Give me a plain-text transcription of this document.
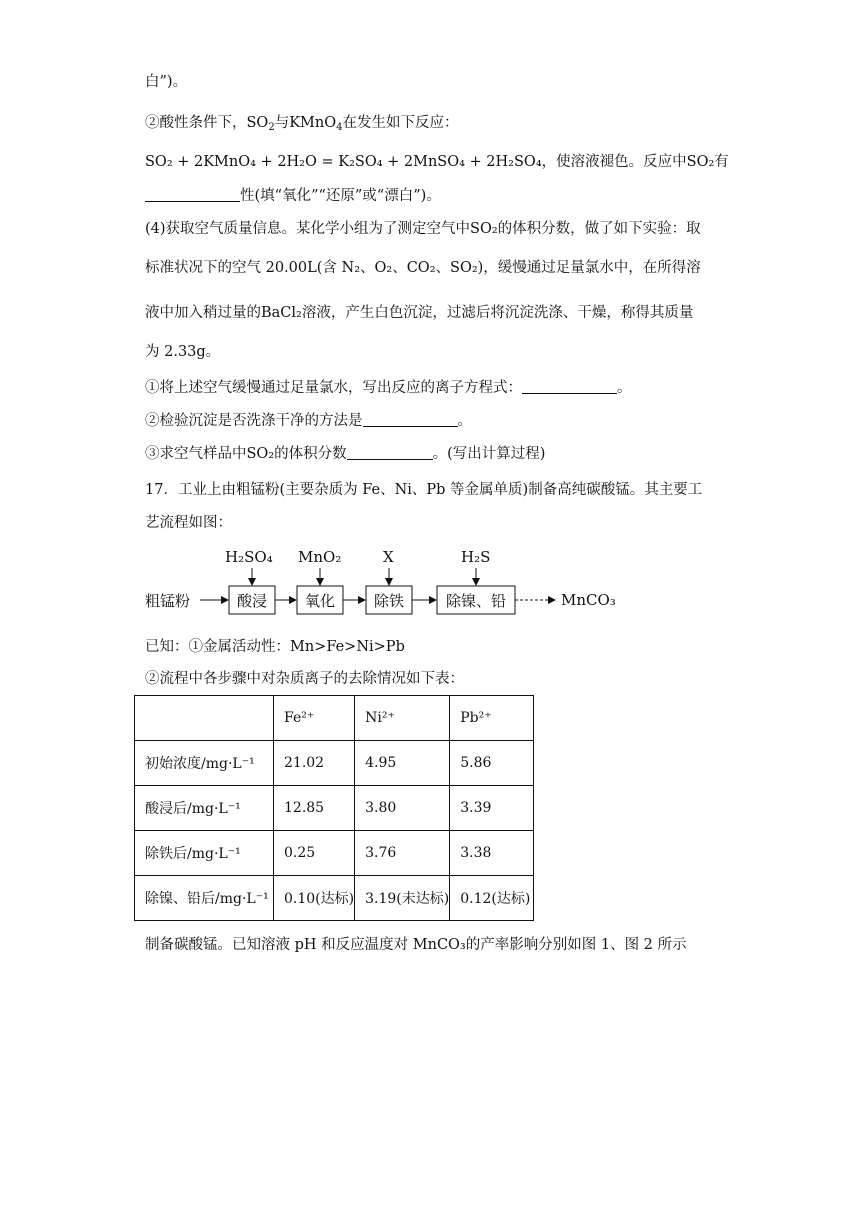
白”)。
②酸性条件下，$SO_2$与KMnO$_4$在发生如下反应：
SO₂ + 2KMnO₄ + 2H₂O = K₂SO₄ + 2MnSO₄ + 2H₂SO₄，使溶液褪色。反应中SO₂有
性(填“氧化”“还原”或“漂白”)。
(4)获取空气质量信息。某化学小组为了测定空气中SO₂的体积分数，做了如下实验：取
标准状况下的空气 20.00L(含 N₂、O₂、CO₂、SO₂)，缓慢通过足量氯水中，在所得溶
液中加入稍过量的BaCl₂溶液，产生白色沉淀，过滤后将沉淀洗涤、干燥，称得其质量
为 2.33g。
①将上述空气缓慢通过足量氯水，写出反应的离子方程式：	。
②检验沉淀是否洗涤干净的方法是	。
③求空气样品中SO₂的体积分数	。(写出计算过程)
17．工业上由粗锰粉(主要杂质为 Fe、Ni、Pb 等金属单质)制备高纯碳酸锰。其主要工
艺流程如图：
粗锰粉	酸浸	氧化	除铁	除镍、铅
H₂SO₄ MnO₂	X	H₂S
MnCO₃
已知：①金属活动性：Mn>Fe>Ni>Pb
②流程中各步骤中对杂质离子的去除情况如下表：
	Fe²⁺	Ni²⁺	Pb²⁺
初始浓度/mg·L⁻¹	21.02	4.95	5.86
酸浸后/mg·L⁻¹	12.85	3.80	3.39
除铁后/mg·L⁻¹	0.25	3.76	3.38
除镍、铅后/mg·L⁻¹	0.10(达标)	3.19(未达标)	0.12(达标)
制备碳酸锰。已知溶液 pH 和反应温度对 MnCO₃的产率影响分别如图 1、图 2 所示
